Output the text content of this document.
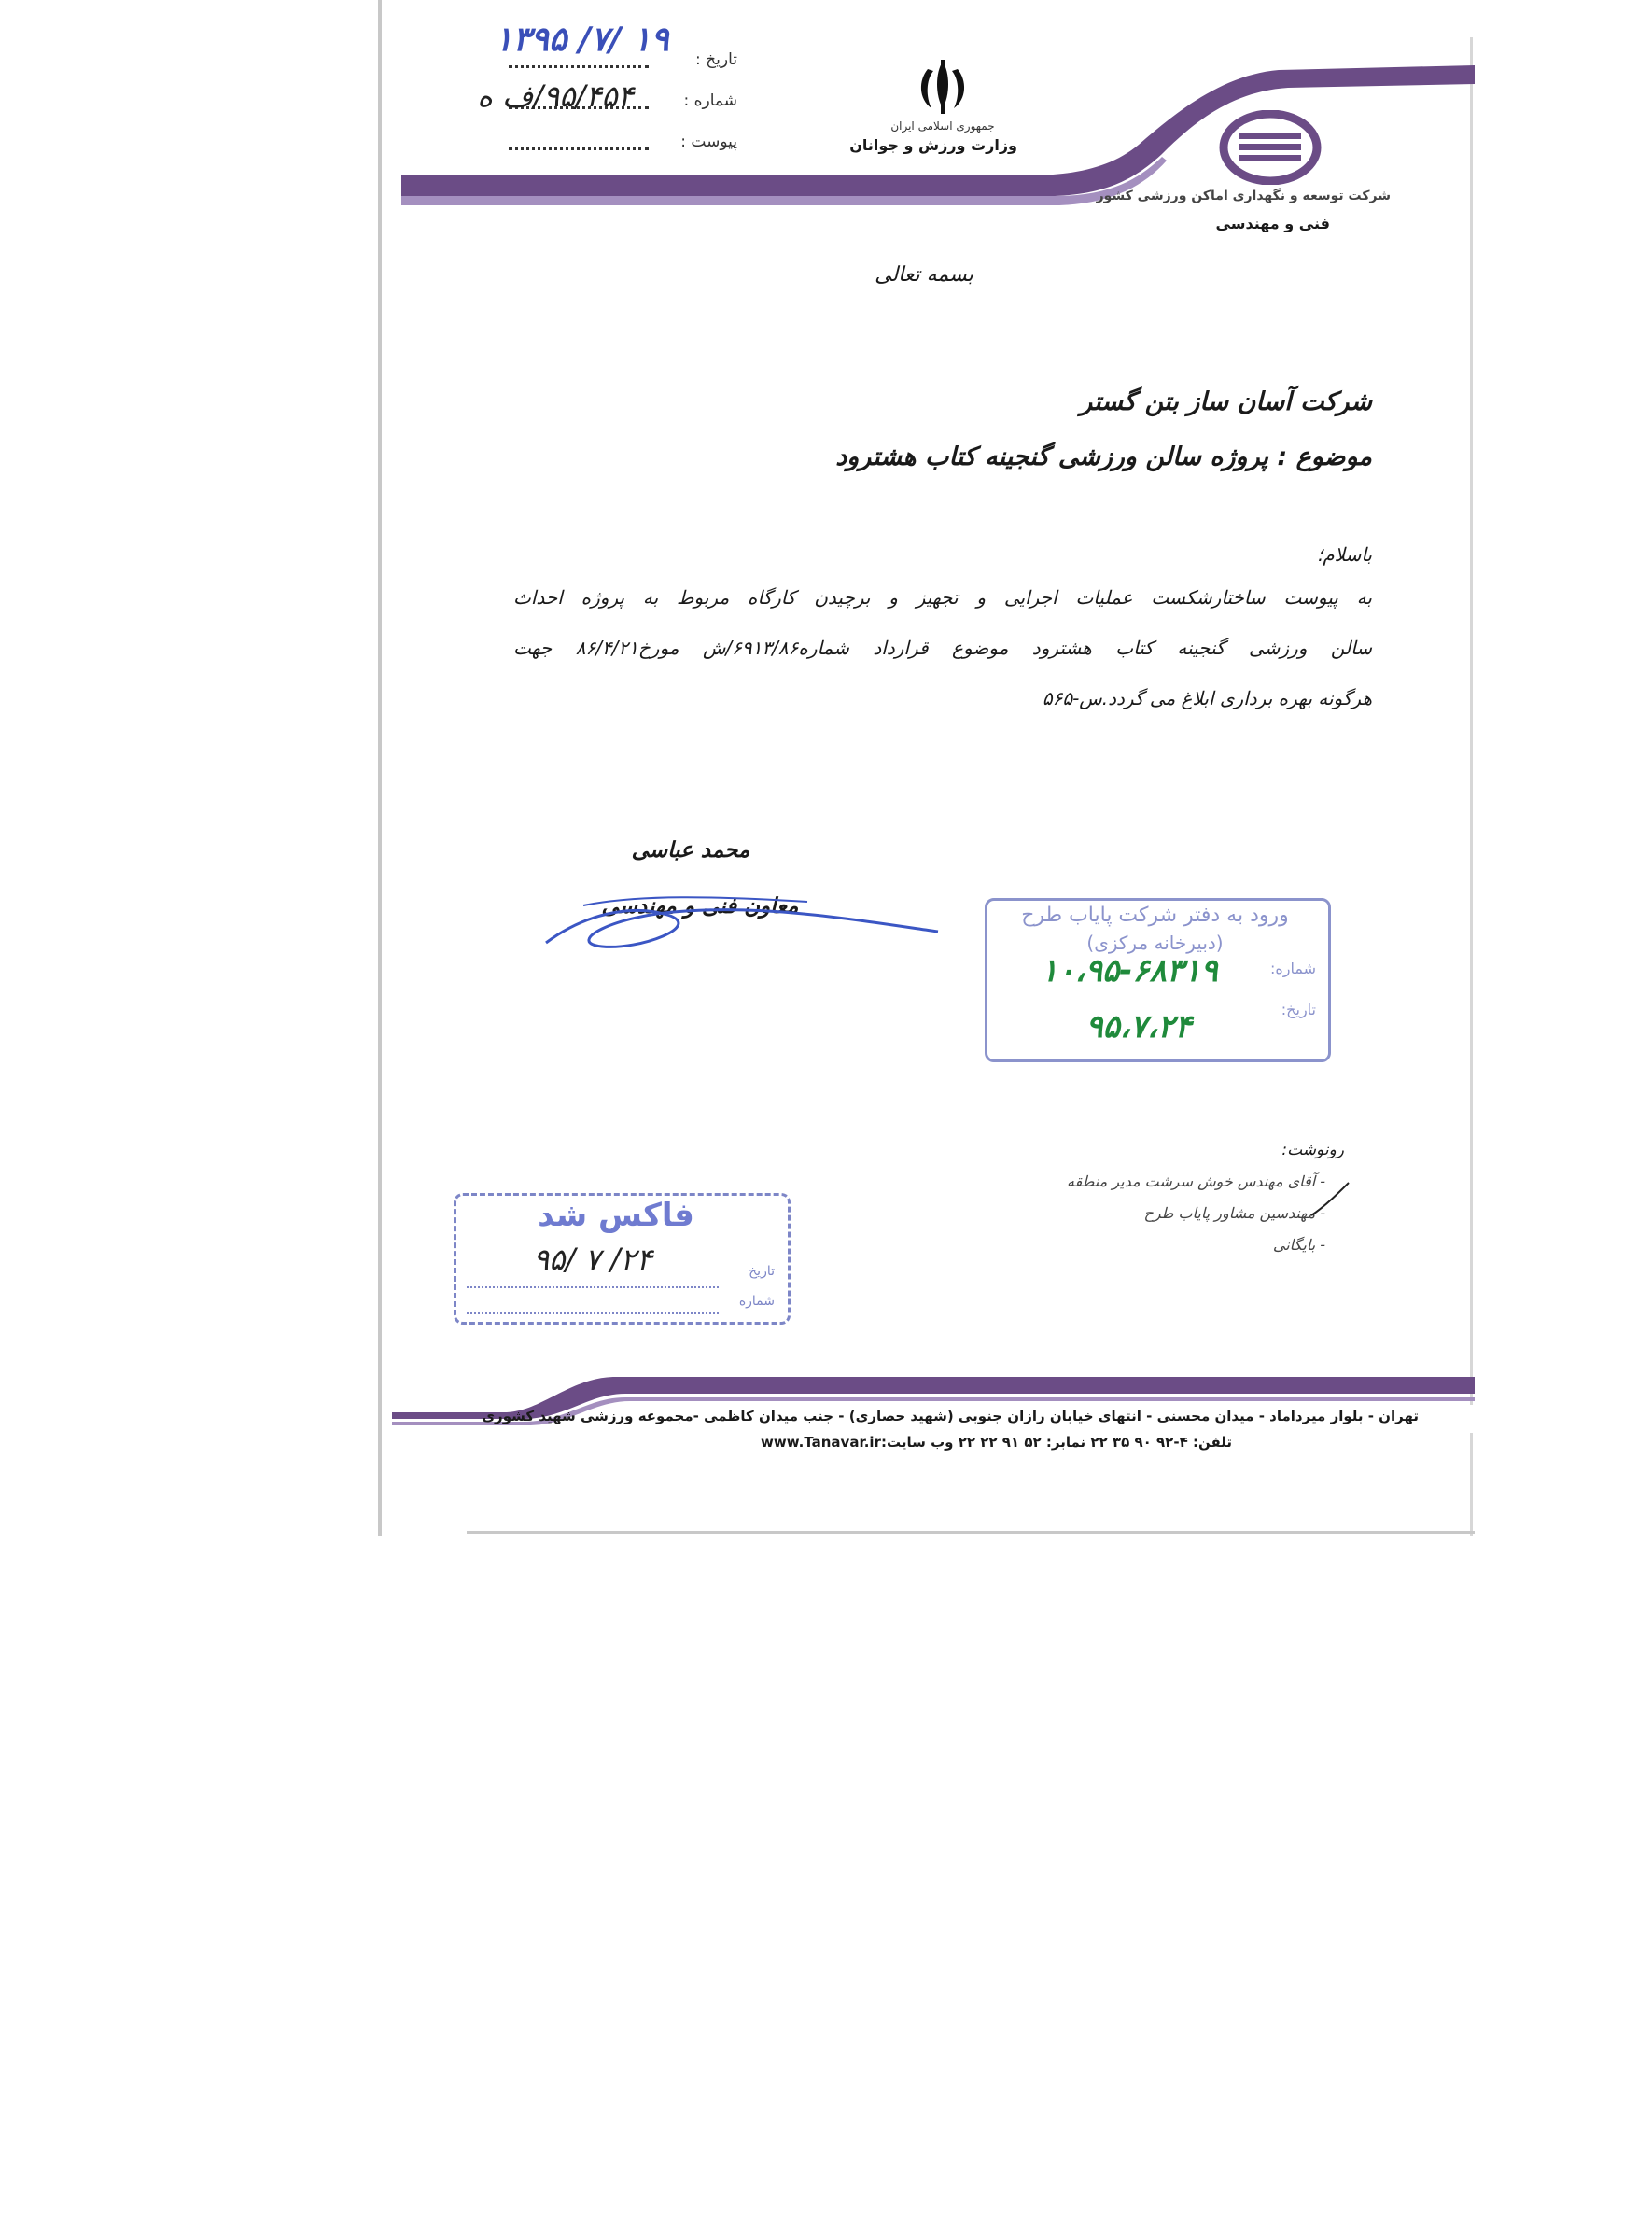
شرکت توسعه و نگهداری اماکن ورزشی کشور
فنی و مهندسی
جمهوری اسلامی ایران
وزارت ورزش و جوانان
تاریخ :
شماره :
پیوست :
۱۳۹۵ /۷/ ۱۹
۹۵/۴۵۴/ف ه
بسمه تعالی
شرکت آسان ساز بتن گستر
موضوع : پروژه سالن ورزشی گنجینه کتاب هشترود
باسلام؛
به پیوست ساختارشکست عملیات اجرایی و تجهیز و برچیدن کارگاه مربوط به پروژه احداث
سالن ورزشی گنجینه کتاب هشترود موضوع قرارداد شماره۶۹۱۳/۸۶/ش مورخ۸۶/۴/۲۱ جهت
هرگونه بهره برداری ابلاغ می گردد.س-۵۶۵
محمد عباسی
معاون فنی و مهندسی	ورود به دفتر شرکت پایاب طرح
(دبیرخانه مرکزی)
شماره:
تاریخ:
۱۰،۹۵-۶۸۳۱۹
۹۵،۷،۲۴
رونوشت:
- آقای مهندس خوش سرشت مدیر منطقه
- مهندسین مشاور پایاب طرح
- بایگانی
فاکس شد
تاریخ
شماره
۹۵/ ۷ /۲۴
تهران - بلوار میرداماد - میدان محسنی - انتهای خیابان رازان جنوبی (شهید حصاری) - جنب میدان کاظمی -مجموعه ورزشی شهید کشوری
تلفن: ۴-۹۲ ۹۰ ۳۵ ۲۲ نمابر: ۵۲ ۹۱ ۲۲ ۲۲ وب سایت:www.Tanavar.ir
